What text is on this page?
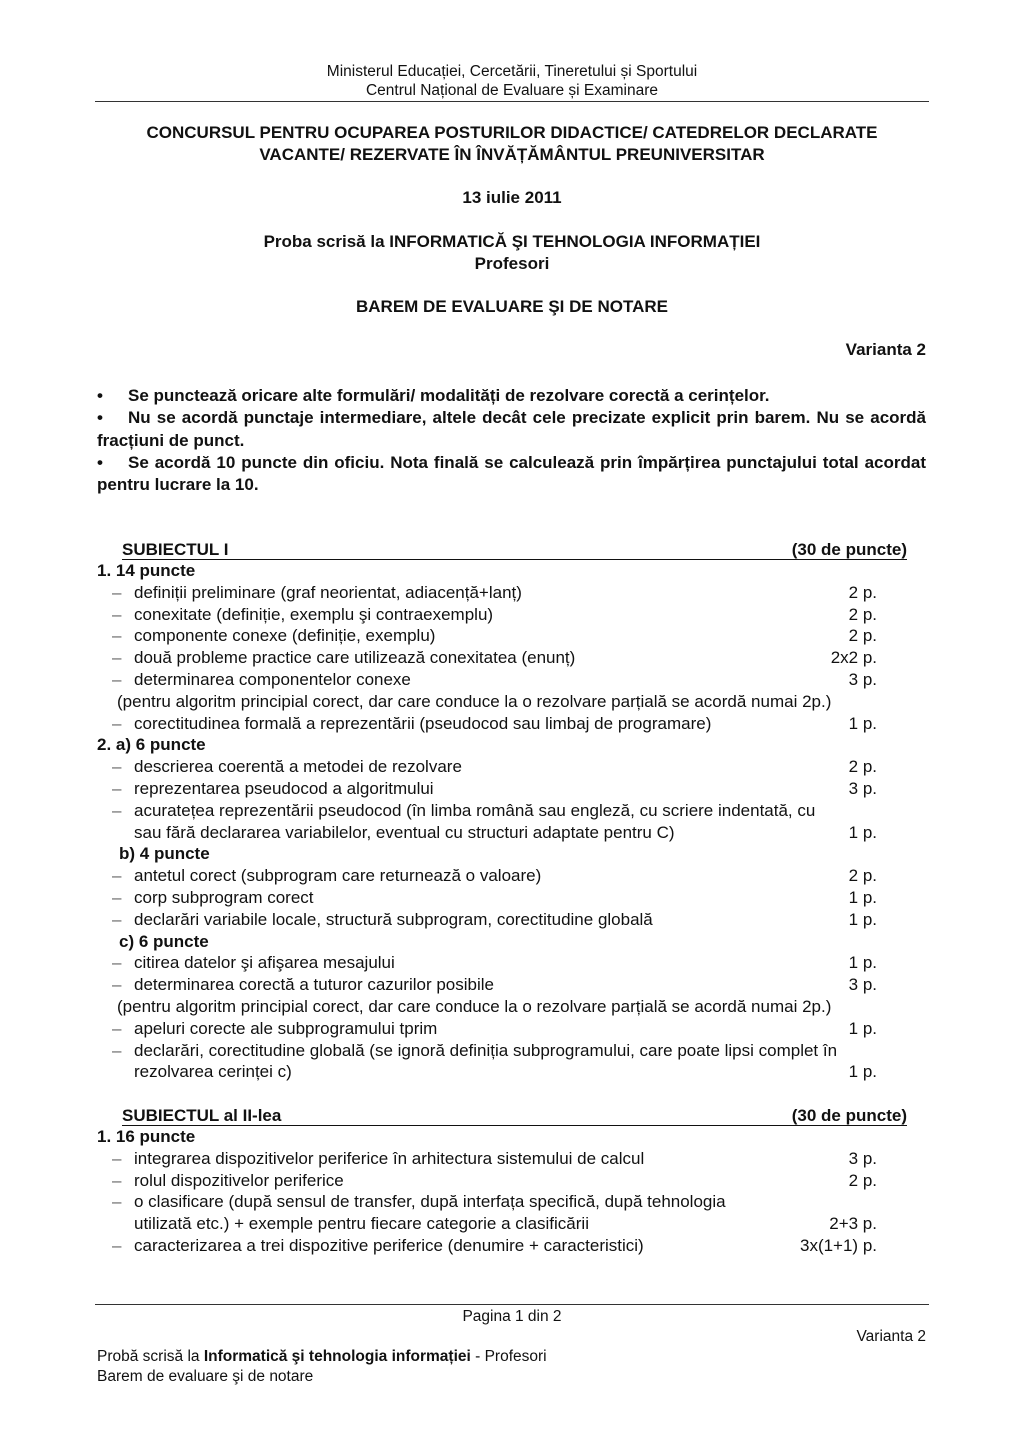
Ministerul Educației, Cercetării, Tineretului și Sportului
Centrul Național de Evaluare și Examinare
CONCURSUL PENTRU OCUPAREA POSTURILOR DIDACTICE/ CATEDRELOR DECLARATE
VACANTE/ REZERVATE ÎN ÎNVĂȚĂMÂNTUL PREUNIVERSITAR
13 iulie 2011
Proba scrisă la INFORMATICĂ ŞI TEHNOLOGIA INFORMAȚIEI
Profesori
BAREM DE EVALUARE ŞI DE NOTARE
Varianta 2

• Se punctează oricare alte formulări/ modalități de rezolvare corectă a cerințelor.

• Nu se acordă punctaje intermediare, altele decât cele precizate explicit prin barem. Nu se acordă fracțiuni de punct.

• Se acordă 10 puncte din oficiu. Nota finală se calculează prin împărțirea punctajului total acordat pentru lucrare la 10.

SUBIECTUL I	(30 de puncte)
1. 14 puncte
– definiții preliminare (graf neorientat, adiacență+lanț)	2 p.
– conexitate (definiție, exemplu şi contraexemplu)	2 p.
– componente conexe (definiție, exemplu)	2 p.
– două probleme practice care utilizează conexitatea (enunț)	2x2 p.
– determinarea componentelor conexe	3 p.
(pentru algoritm principial corect, dar care conduce la o rezolvare parțială se acordă numai 2p.)
– corectitudinea formală a reprezentării (pseudocod sau limbaj de programare)	1 p.
2. a) 6 puncte
– descrierea coerentă a metodei de rezolvare	2 p.
– reprezentarea pseudocod a algoritmului	3 p.
– acuratețea reprezentării pseudocod (în limba română sau engleză, cu scriere indentată, cu
sau fără declararea variabilelor, eventual cu structuri adaptate pentru C)	1 p.
b) 4 puncte
– antetul corect (subprogram care returnează o valoare)	2 p.
– corp subprogram corect	1 p.
– declarări variabile locale, structură subprogram, corectitudine globală	1 p.
c) 6 puncte
– citirea datelor şi afişarea mesajului	1 p.
– determinarea corectă a tuturor cazurilor posibile	3 p.
(pentru algoritm principial corect, dar care conduce la o rezolvare parțială se acordă numai 2p.)
– apeluri corecte ale subprogramului tprim	1 p.
– declarări, corectitudine globală (se ignoră definiția subprogramului, care poate lipsi complet în
rezolvarea cerinței c)	1 p.
SUBIECTUL al II-lea	(30 de puncte)
1. 16 puncte
– integrarea dispozitivelor periferice în arhitectura sistemului de calcul	3 p.
– rolul dispozitivelor periferice	2 p.
– o clasificare (după sensul de transfer, după interfața specifică, după tehnologia
utilizată etc.) + exemple pentru fiecare categorie a clasificării	2+3 p.
– caracterizarea a trei dispozitive periferice (denumire + caracteristici)	3x(1+1) p.
Pagina 1 din 2
Varianta 2
Probă scrisă la Informatică şi tehnologia informației - Profesori
Barem de evaluare şi de notare
